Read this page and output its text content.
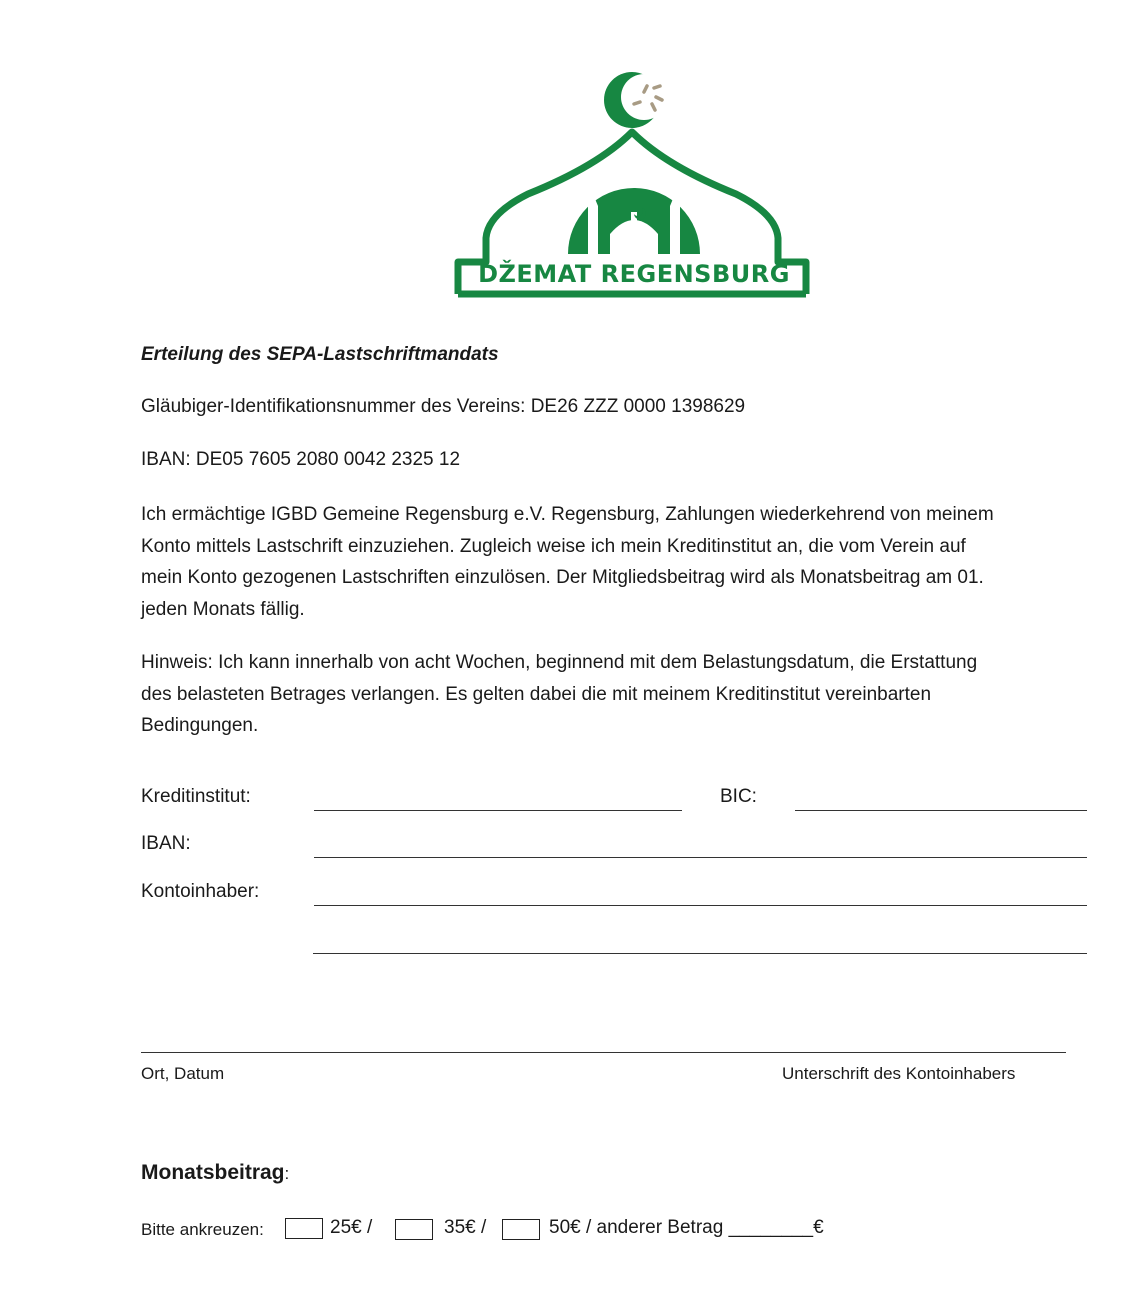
DŽEMAT REGENSBURG
Erteilung des SEPA-Lastschriftmandats
Gläubiger-Identifikationsnummer des Vereins: DE26 ZZZ 0000 1398629
IBAN: DE05 7605 2080 0042 2325 12
Ich ermächtige IGBD Gemeine Regensburg e.V. Regensburg, Zahlungen wiederkehrend von meinem
Konto mittels Lastschrift einzuziehen. Zugleich weise ich mein Kreditinstitut an, die vom Verein auf
mein Konto gezogenen Lastschriften einzulösen. Der Mitgliedsbeitrag wird als Monatsbeitrag am 01.
jeden Monats fällig.
Hinweis: Ich kann innerhalb von acht Wochen, beginnend mit dem Belastungsdatum, die Erstattung
des belasteten Betrages verlangen. Es gelten dabei die mit meinem Kreditinstitut vereinbarten
Bedingungen.
Kreditinstitut:	BIC:
IBAN:
Kontoinhaber:
Ort, Datum	Unterschrift des Kontoinhabers
Monatsbeitrag:
Bitte ankreuzen:	25€ /	35€ /	50€ / anderer Betrag ________€
